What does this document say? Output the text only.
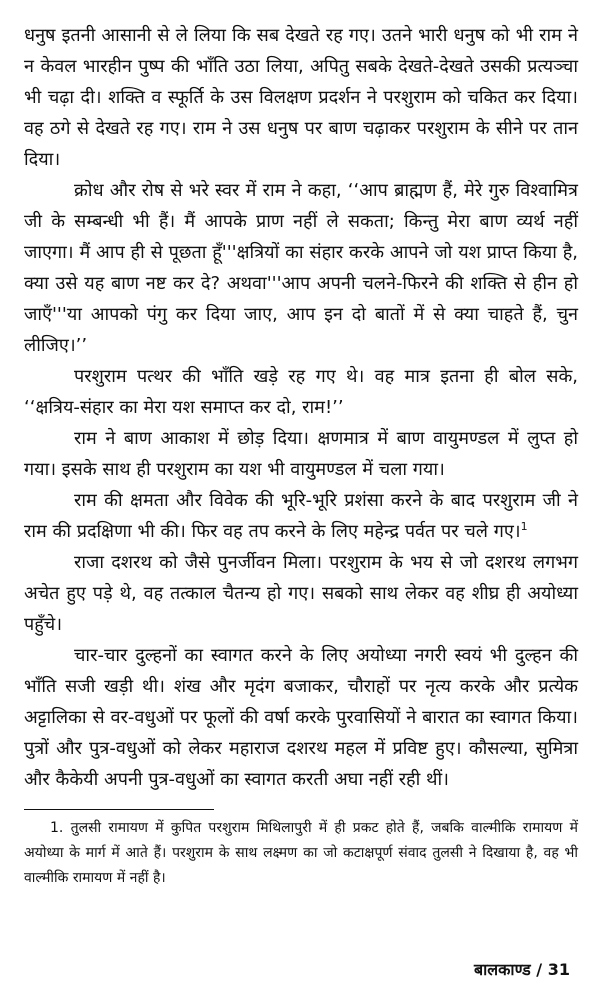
धनुष इतनी आसानी से ले लिया कि सब देखते रह गए। उतने भारी धनुष को भी राम ने न केवल भारहीन पुष्प की भाँति उठा लिया, अपितु सबके देखते-देखते उसकी प्रत्यञ्चा भी चढ़ा दी। शक्ति व स्फूर्ति के उस विलक्षण प्रदर्शन ने परशुराम को चकित कर दिया। वह ठगे से देखते रह गए। राम ने उस धनुष पर बाण चढ़ाकर परशुराम के सीने पर तान दिया।

क्रोध और रोष से भरे स्वर में राम ने कहा, ‘‘आप ब्राह्मण हैं, मेरे गुरु विश्वामित्र जी के सम्बन्धी भी हैं। मैं आपके प्राण नहीं ले सकता; किन्तु मेरा बाण व्यर्थ नहीं जाएगा। मैं आप ही से पूछता हूँ'''क्षत्रियों का संहार करके आपने जो यश प्राप्त किया है, क्या उसे यह बाण नष्ट कर दे? अथवा'''आप अपनी चलने-फिरने की शक्ति से हीन हो जाएँ'''या आपको पंगु कर दिया जाए, आप इन दो बातों में से क्या चाहते हैं, चुन लीजिए।’’

परशुराम पत्थर की भाँति खड़े रह गए थे। वह मात्र इतना ही बोल सके, ‘‘क्षत्रिय-संहार का मेरा यश समाप्त कर दो, राम!’’

राम ने बाण आकाश में छोड़ दिया। क्षणमात्र में बाण वायुमण्डल में लुप्त हो गया। इसके साथ ही परशुराम का यश भी वायुमण्डल में चला गया।

राम की क्षमता और विवेक की भूरि-भूरि प्रशंसा करने के बाद परशुराम जी ने राम की प्रदक्षिणा भी की। फिर वह तप करने के लिए महेन्द्र पर्वत पर चले गए।$^1$

राजा दशरथ को जैसे पुनर्जीवन मिला। परशुराम के भय से जो दशरथ लगभग अचेत हुए पड़े थे, वह तत्काल चैतन्य हो गए। सबको साथ लेकर वह शीघ्र ही अयोध्या पहुँचे।

चार-चार दुल्हनों का स्वागत करने के लिए अयोध्या नगरी स्वयं भी दुल्हन की भाँति सजी खड़ी थी। शंख और मृदंग बजाकर, चौराहों पर नृत्य करके और प्रत्येक अट्टालिका से वर-वधुओं पर फूलों की वर्षा करके पुरवासियों ने बारात का स्वागत किया। पुत्रों और पुत्र-वधुओं को लेकर महाराज दशरथ महल में प्रविष्ट हुए। कौसल्या, सुमित्रा और कैकेयी अपनी पुत्र-वधुओं का स्वागत करती अघा नहीं रही थीं।

1. तुलसी रामायण में कुपित परशुराम मिथिलापुरी में ही प्रकट होते हैं, जबकि वाल्मीकि रामायण में अयोध्या के मार्ग में आते हैं। परशुराम के साथ लक्ष्मण का जो कटाक्षपूर्ण संवाद तुलसी ने दिखाया है, वह भी वाल्मीकि रामायण में नहीं है।

बालकाण्ड / 31
